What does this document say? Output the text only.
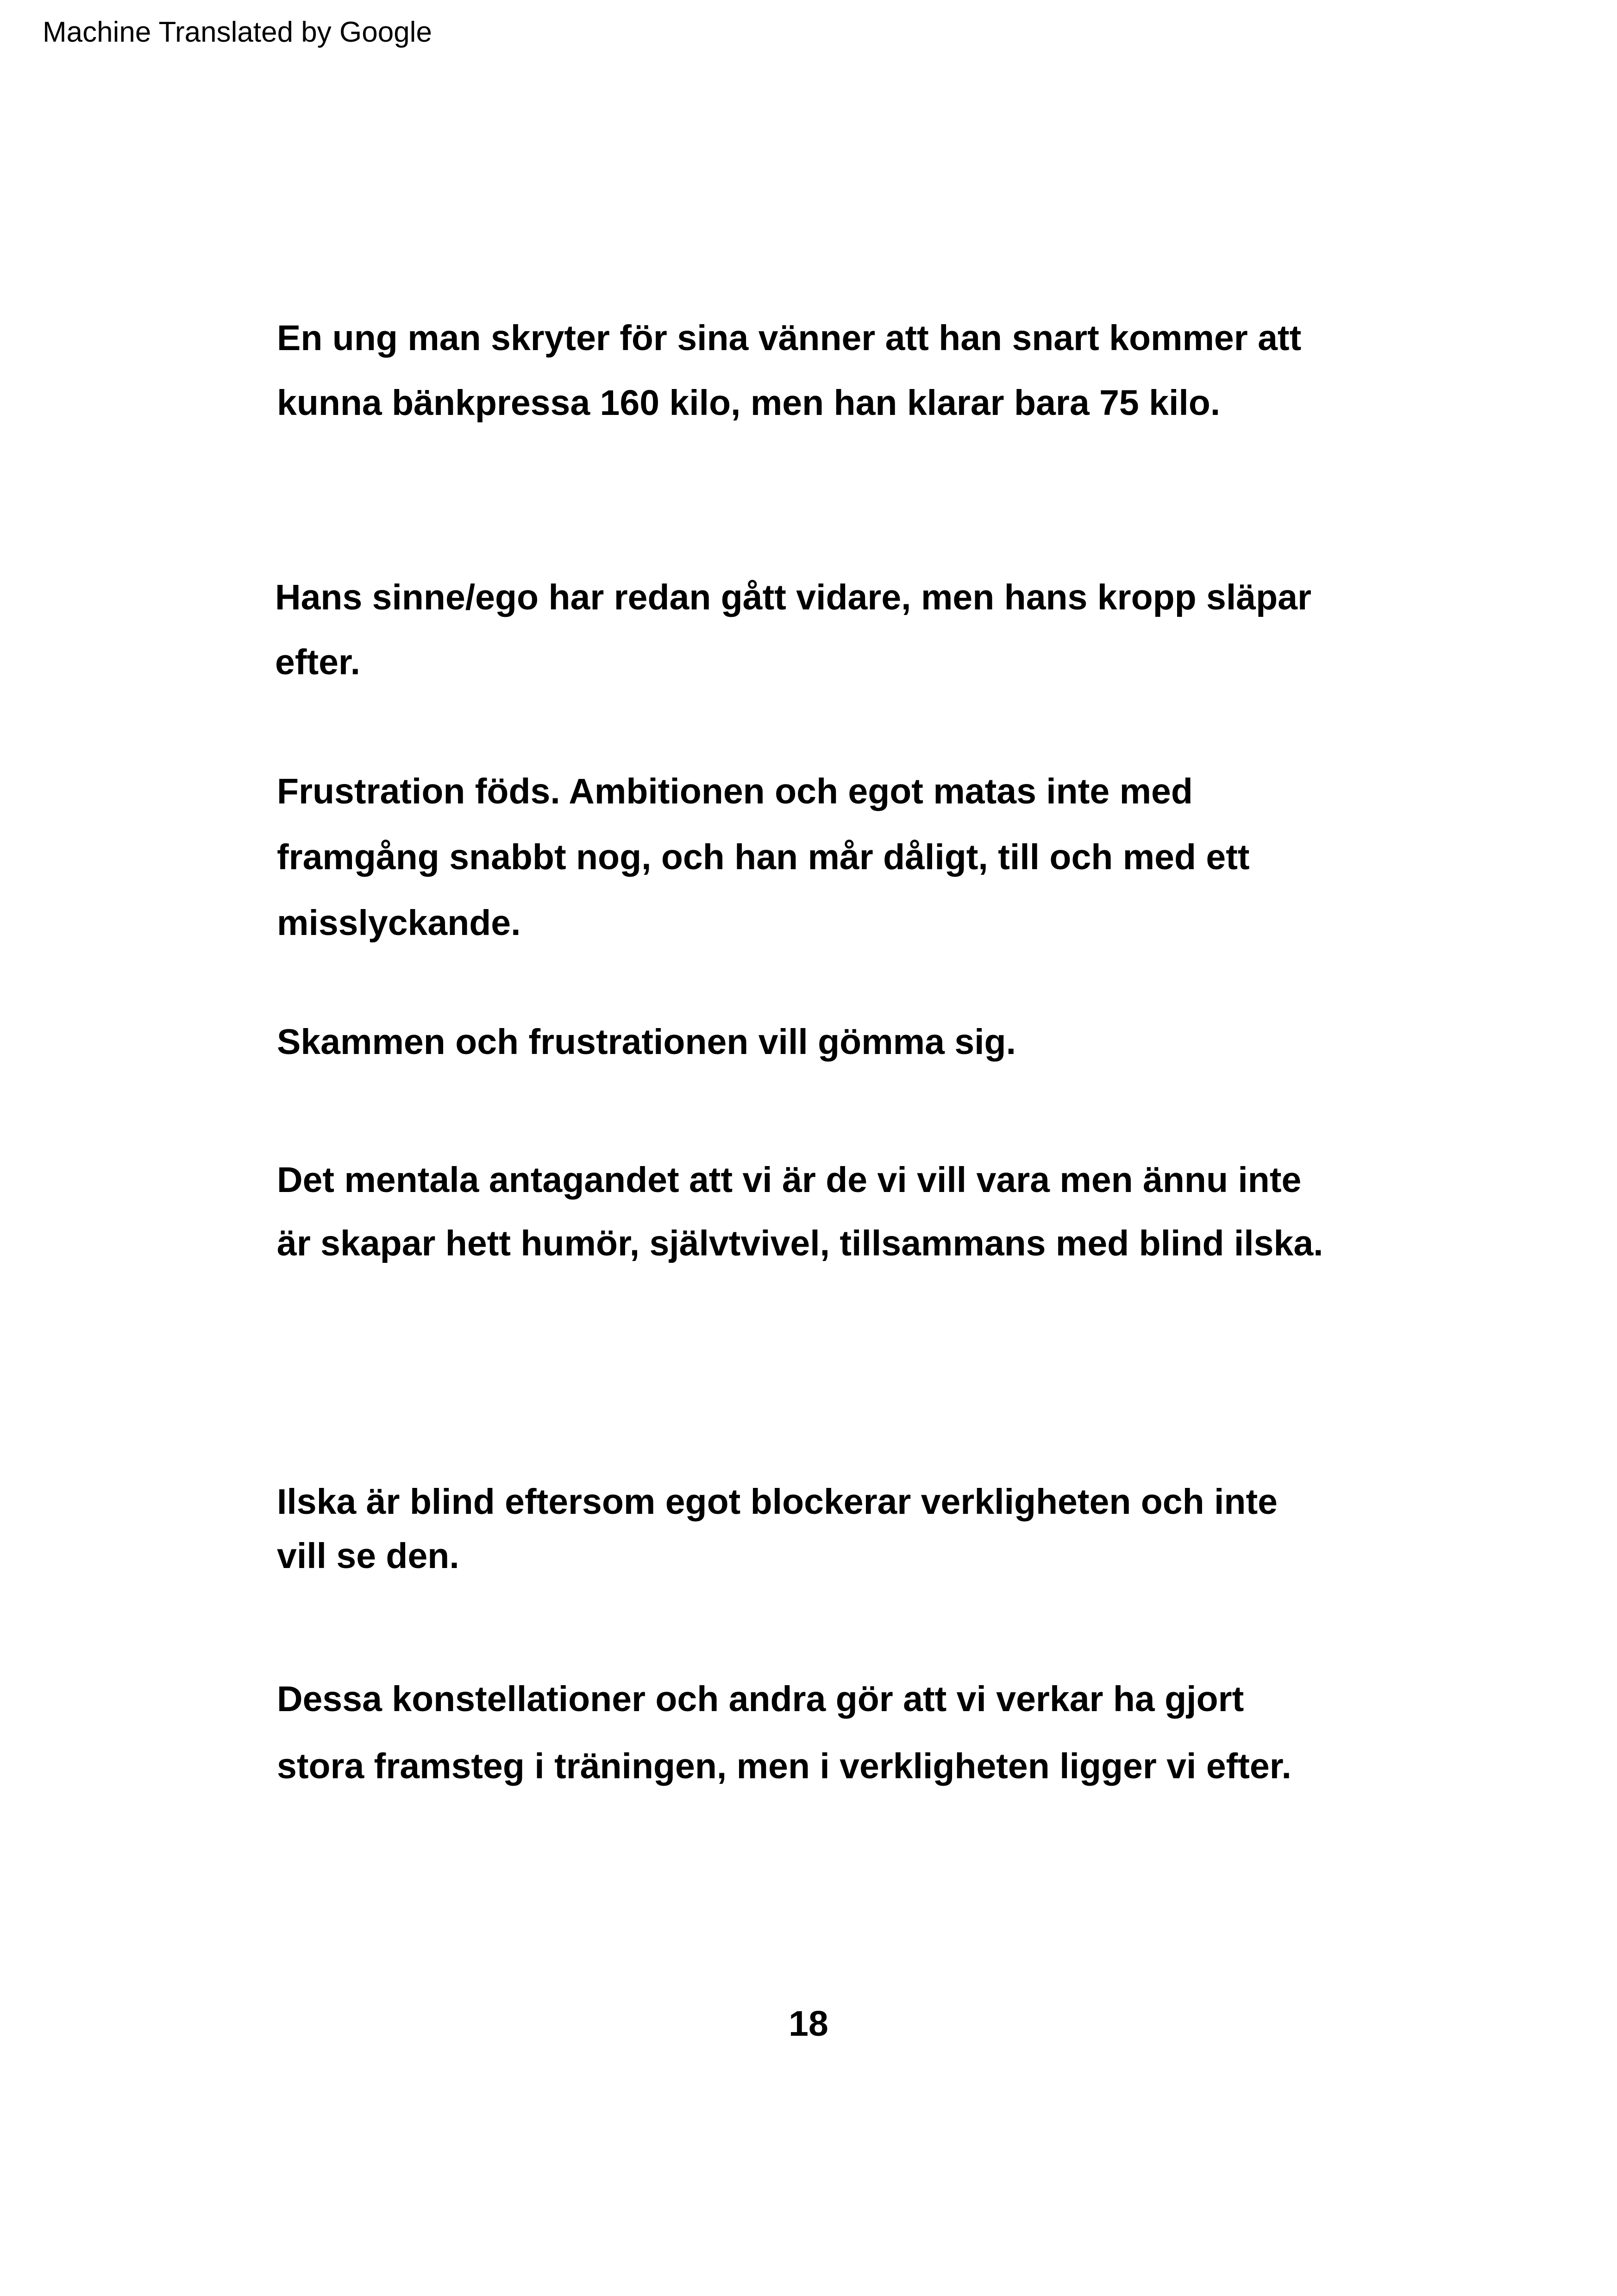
Machine Translated by Google

En ung man skryter för sina vänner att han snart kommer att
kunna bänkpressa 160 kilo, men han klarar bara 75 kilo.

Hans sinne/ego har redan gått vidare, men hans kropp släpar
efter.

Frustration föds. Ambitionen och egot matas inte med
framgång snabbt nog, och han mår dåligt, till och med ett
misslyckande.

Skammen och frustrationen vill gömma sig.

Det mentala antagandet att vi är de vi vill vara men ännu inte
är skapar hett humör, självtvivel, tillsammans med blind ilska.

Ilska är blind eftersom egot blockerar verkligheten och inte
vill se den.

Dessa konstellationer och andra gör att vi verkar ha gjort
stora framsteg i träningen, men i verkligheten ligger vi efter.

18
